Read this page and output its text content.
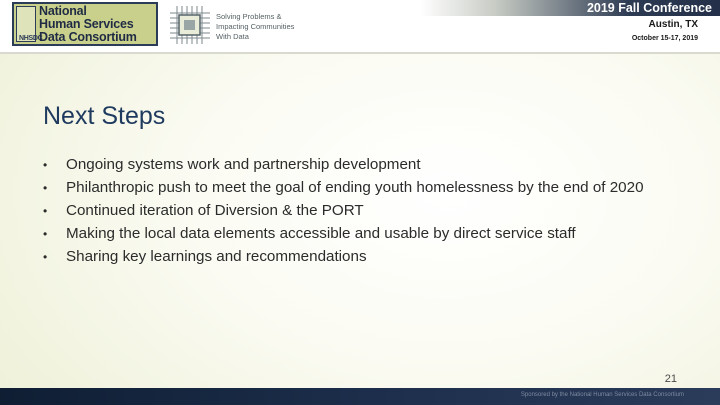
NHSDC
National
Human Services
Data Consortium
Solving Problems &
Impacting Communities
With Data
2019 Fall Conference
Austin, TX
October 15-17, 2019
Next Steps
• Ongoing systems work and partnership development
• Philanthropic push to meet the goal of ending youth homelessness by the end of 2020
• Continued iteration of Diversion & the PORT
• Making the local data elements accessible and usable by direct service staff
• Sharing key learnings and recommendations
21
Sponsored by the National Human Services Data Consortium
